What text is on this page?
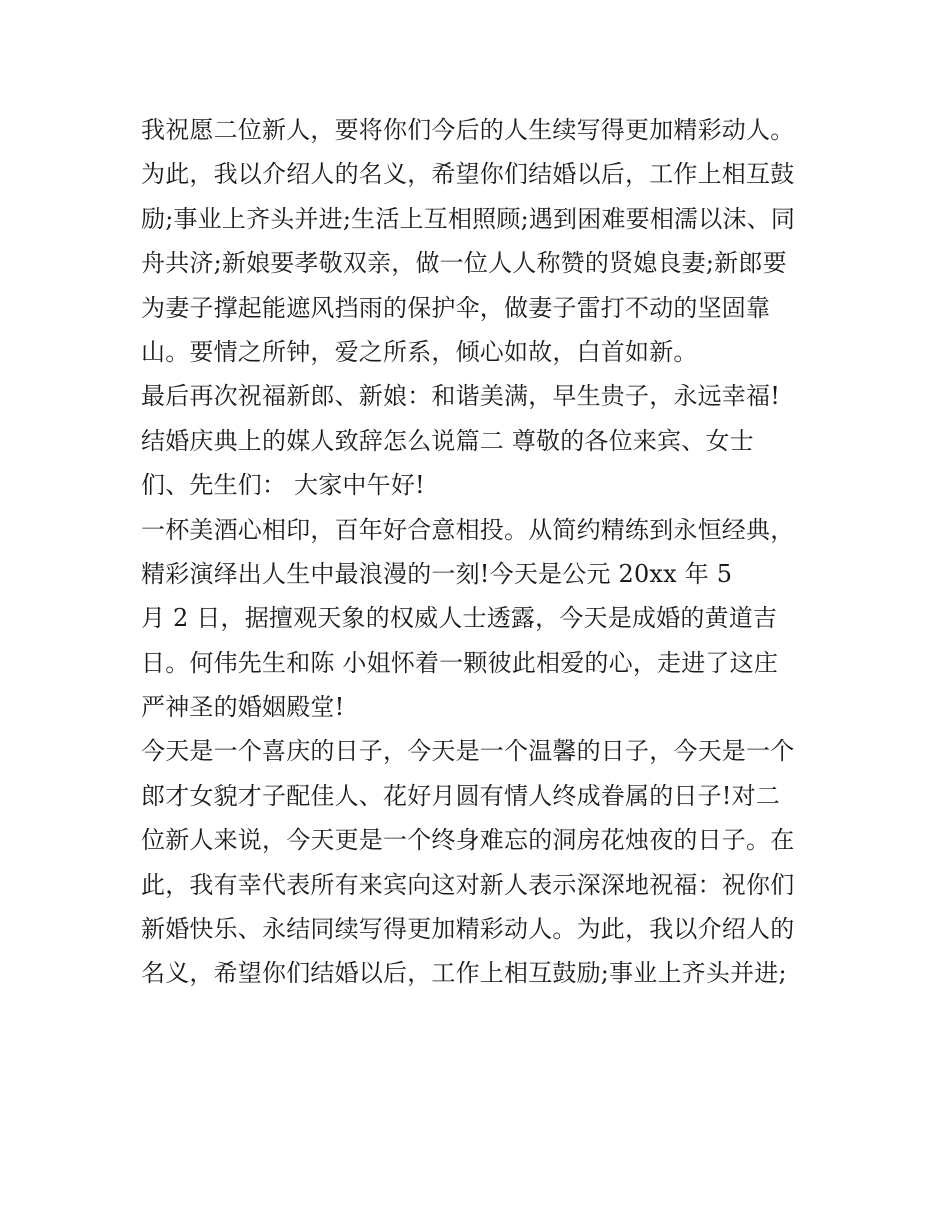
我祝愿二位新人，要将你们今后的人生续写得更加精彩动人。
为此，我以介绍人的名义，希望你们结婚以后，工作上相互鼓
励;事业上齐头并进;生活上互相照顾;遇到困难要相濡以沫、同
舟共济;新娘要孝敬双亲，做一位人人称赞的贤媳良妻;新郎要
为妻子撑起能遮风挡雨的保护伞，做妻子雷打不动的坚固靠
山。要情之所钟，爱之所系，倾心如故，白首如新。
最后再次祝福新郎、新娘：和谐美满，早生贵子，永远幸福!
结婚庆典上的媒人致辞怎么说篇二 尊敬的各位来宾、女士
们、先生们： 大家中午好!
一杯美酒心相印，百年好合意相投。从简约精练到永恒经典，
精彩演绎出人生中最浪漫的一刻!今天是公元 20xx 年 5
月 2 日，据擅观天象的权威人士透露，今天是成婚的黄道吉
日。何伟先生和陈 小姐怀着一颗彼此相爱的心，走进了这庄
严神圣的婚姻殿堂!
今天是一个喜庆的日子，今天是一个温馨的日子，今天是一个
郎才女貌才子配佳人、花好月圆有情人终成眷属的日子!对二
位新人来说，今天更是一个终身难忘的洞房花烛夜的日子。在
此，我有幸代表所有来宾向这对新人表示深深地祝福：祝你们
新婚快乐、永结同续写得更加精彩动人。为此，我以介绍人的
名义，希望你们结婚以后，工作上相互鼓励;事业上齐头并进;
